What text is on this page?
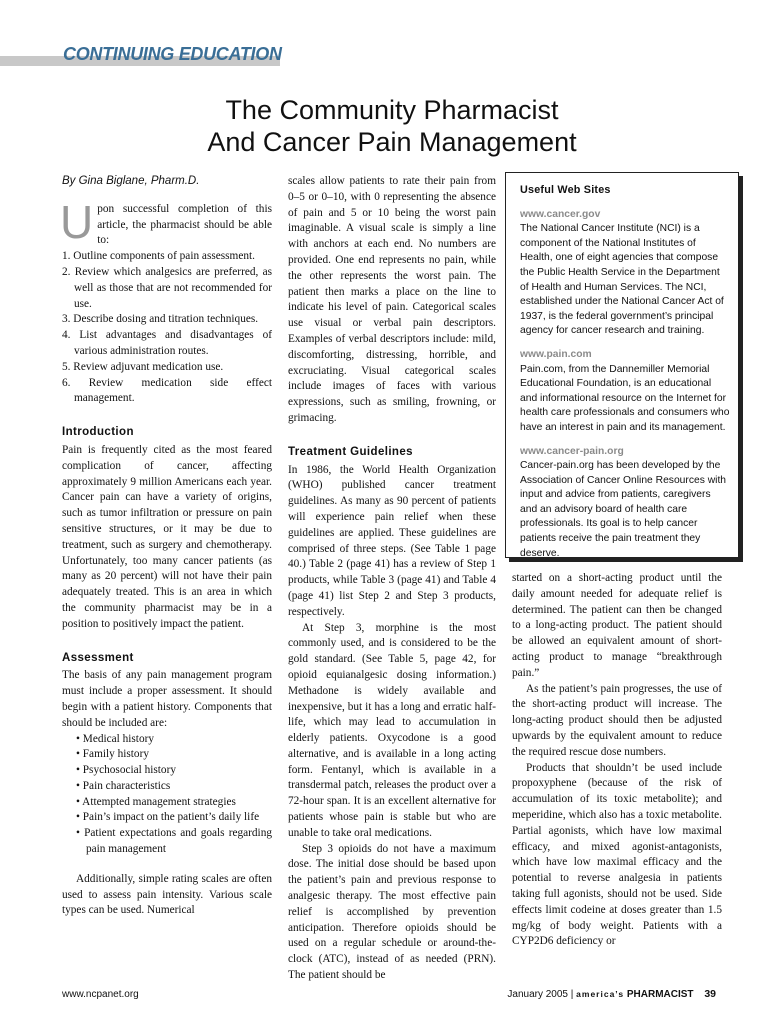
CONTINUING EDUCATION
The Community Pharmacist
And Cancer Pain Management
By Gina Biglane, Pharm.D.
U pon successful completion of this article, the pharmacist should be able to:
1. Outline components of pain assessment.
2. Review which analgesics are preferred, as well as those that are not recommended for use.
3. Describe dosing and titration techniques.
4. List advantages and disadvantages of various administration routes.
5. Review adjuvant medication use.
6. Review medication side effect management.
Introduction

Pain is frequently cited as the most feared complication of cancer, affecting approximately 9 million Americans each year. Cancer pain can have a variety of origins, such as tumor infiltration or pressure on pain sensitive structures, or it may be due to treatment, such as surgery and chemotherapy. Unfortunately, too many cancer patients (as many as 20 percent) will not have their pain adequately treated. This is an area in which the community pharmacist may be in a position to positively impact the patient.

Assessment

The basis of any pain management program must include a proper assessment. It should begin with a patient history. Components that should be included are:

• Medical history
• Family history
• Psychosocial history
• Pain characteristics
• Attempted management strategies
• Pain’s impact on the patient’s daily life
• Patient expectations and goals regarding pain management

Additionally, simple rating scales are often used to assess pain intensity. Various scale types can be used. Numerical

scales allow patients to rate their pain from 0–5 or 0–10, with 0 representing the absence of pain and 5 or 10 being the worst pain imaginable. A visual scale is simply a line with anchors at each end. No numbers are provided. One end represents no pain, while the other represents the worst pain. The patient then marks a place on the line to indicate his level of pain. Categorical scales use visual or verbal pain descriptors. Examples of verbal descriptors include: mild, discomforting, distressing, horrible, and excruciating. Visual categorical scales include images of faces with various expressions, such as smiling, frowning, or grimacing.

Treatment Guidelines

In 1986, the World Health Organization (WHO) published cancer treatment guidelines. As many as 90 percent of patients will experience pain relief when these guidelines are applied. These guidelines are comprised of three steps. (See Table 1 page 40.) Table 2 (page 41) has a review of Step 1 products, while Table 3 (page 41) and Table 4 (page 41) list Step 2 and Step 3 products, respectively.

At Step 3, morphine is the most commonly used, and is considered to be the gold standard. (See Table 5, page 42, for opioid equianalgesic dosing information.) Methadone is widely available and inexpensive, but it has a long and erratic half-life, which may lead to accumulation in elderly patients. Oxycodone is a good alternative, and is available in a long acting form. Fentanyl, which is available in a transdermal patch, releases the product over a 72-hour span. It is an excellent alternative for patients whose pain is stable but who are unable to take oral medications.

Step 3 opioids do not have a maximum dose. The initial dose should be based upon the patient’s pain and previous response to analgesic therapy. The most effective pain relief is accomplished by prevention anticipation. Therefore opioids should be used on a regular schedule or around-the-clock (ATC), instead of as needed (PRN). The patient should be

Useful Web Sites
www.cancer.gov
The National Cancer Institute (NCI) is a component of the National Institutes of Health, one of eight agencies that compose the Public Health Service in the Department of Health and Human Services. The NCI, established under the National Cancer Act of 1937, is the federal government’s principal agency for cancer research and training.
www.pain.com
Pain.com, from the Dannemiller Memorial Educational Foundation, is an educational and informational resource on the Internet for health care professionals and consumers who have an interest in pain and its management.
www.cancer-pain.org
Cancer-pain.org has been developed by the Association of Cancer Online Resources with input and advice from patients, caregivers and an advisory board of health care professionals. Its goal is to help cancer patients receive the pain treatment they deserve.

started on a short-acting product until the daily amount needed for adequate relief is determined. The patient can then be changed to a long-acting product. The patient should be allowed an equivalent amount of short-acting product to manage “breakthrough pain.”

As the patient’s pain progresses, the use of the short-acting product will increase. The long-acting product should then be adjusted upwards by the equivalent amount to reduce the required rescue dose numbers.

Products that shouldn’t be used include propoxyphene (because of the risk of accumulation of its toxic metabolite); and meperidine, which also has a toxic metabolite. Partial agonists, which have low maximal efficacy, and mixed agonist-antagonists, which have low maximal efficacy and the potential to reverse analgesia in patients taking full agonists, should not be used. Side effects limit codeine at doses greater than 1.5 mg/kg of body weight. Patients with a CYP2D6 deficiency or

www.ncpanet.org	January 2005 | america’s PHARMACIST 39
